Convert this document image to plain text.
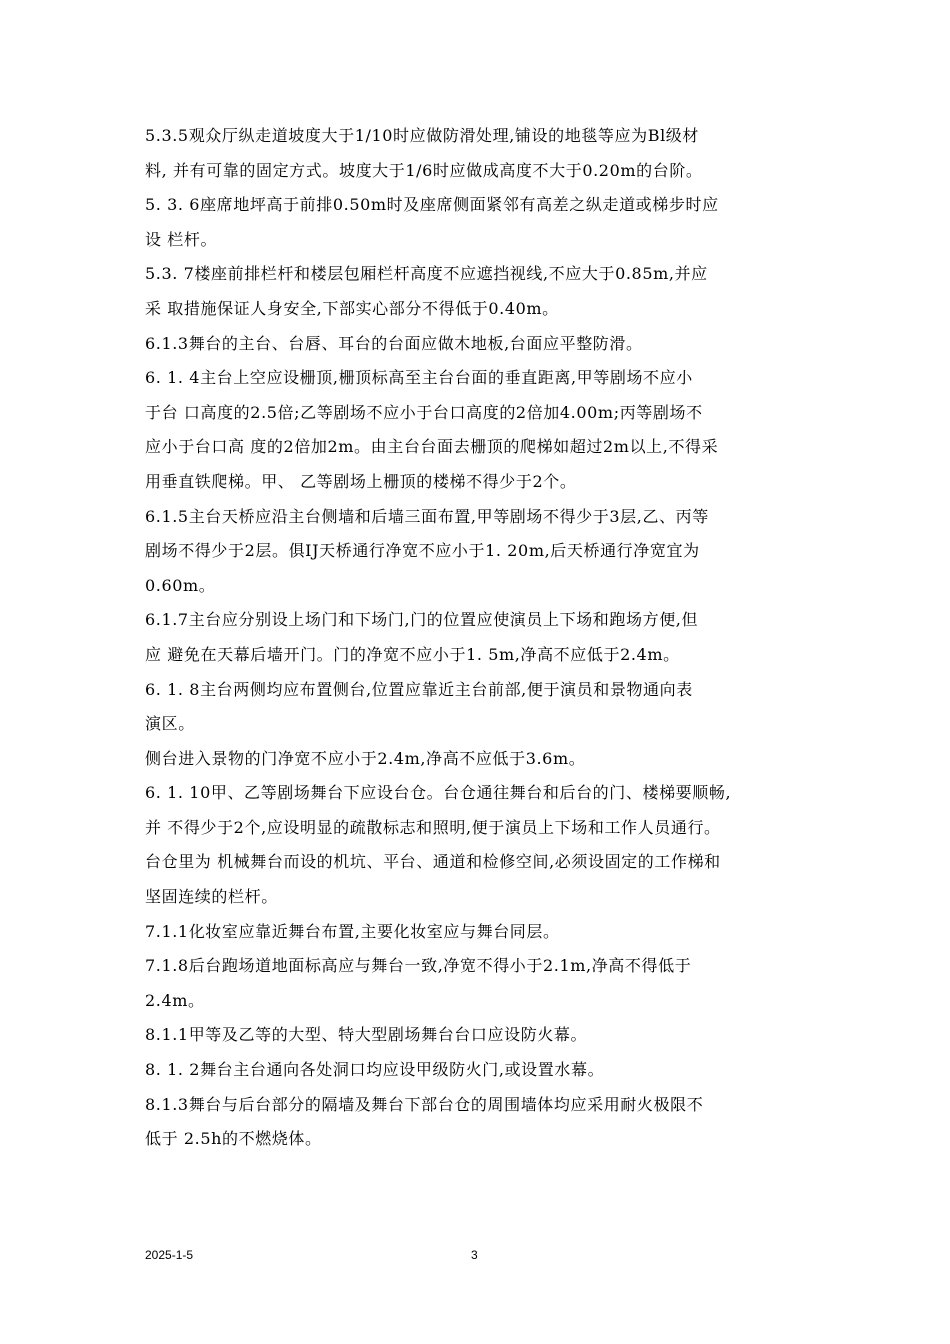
5.3.5观众厅纵走道坡度大于1/10时应做防滑处理,铺设的地毯等应为Bl级材
料, 并有可靠的固定方式。坡度大于1/6时应做成高度不大于0.20m的台阶。
5. 3. 6座席地坪高于前排0.50m时及座席侧面紧邻有高差之纵走道或梯步时应
设 栏杆。
5.3. 7楼座前排栏杆和楼层包厢栏杆高度不应遮挡视线,不应大于0.85m,并应
采 取措施保证人身安全,下部实心部分不得低于0.40m。
6.1.3舞台的主台、台唇、耳台的台面应做木地板,台面应平整防滑。
6. 1. 4主台上空应设栅顶,栅顶标高至主台台面的垂直距离,甲等剧场不应小
于台 口高度的2.5倍;乙等剧场不应小于台口高度的2倍加4.00m;丙等剧场不
应小于台口高 度的2倍加2m。由主台台面去栅顶的爬梯如超过2m以上,不得采
用垂直铁爬梯。甲、 乙等剧场上栅顶的楼梯不得少于2个。
6.1.5主台天桥应沿主台侧墙和后墙三面布置,甲等剧场不得少于3层,乙、丙等
剧场不得少于2层。俱IJ天桥通行净宽不应小于1. 20m,后天桥通行净宽宜为
0.60m。
6.1.7主台应分别设上场门和下场门,门的位置应使演员上下场和跑场方便,但
应 避免在天幕后墙开门。门的净宽不应小于1. 5m,净高不应低于2.4m。
6. 1. 8主台两侧均应布置侧台,位置应靠近主台前部,便于演员和景物通向表
演区。
侧台进入景物的门净宽不应小于2.4m,净高不应低于3.6m。
6. 1. 10甲、乙等剧场舞台下应设台仓。台仓通往舞台和后台的门、楼梯要顺畅,
并 不得少于2个,应设明显的疏散标志和照明,便于演员上下场和工作人员通行。
台仓里为 机械舞台而设的机坑、平台、通道和检修空间,必须设固定的工作梯和
坚固连续的栏杆。
7.1.1化妆室应靠近舞台布置,主要化妆室应与舞台同层。
7.1.8后台跑场道地面标高应与舞台一致,净宽不得小于2.1m,净高不得低于
2.4m。
8.1.1甲等及乙等的大型、特大型剧场舞台台口应设防火幕。
8. 1. 2舞台主台通向各处洞口均应设甲级防火门,或设置水幕。
8.1.3舞台与后台部分的隔墙及舞台下部台仓的周围墙体均应采用耐火极限不
低于 2.5h的不燃烧体。
2025-1-5	3
